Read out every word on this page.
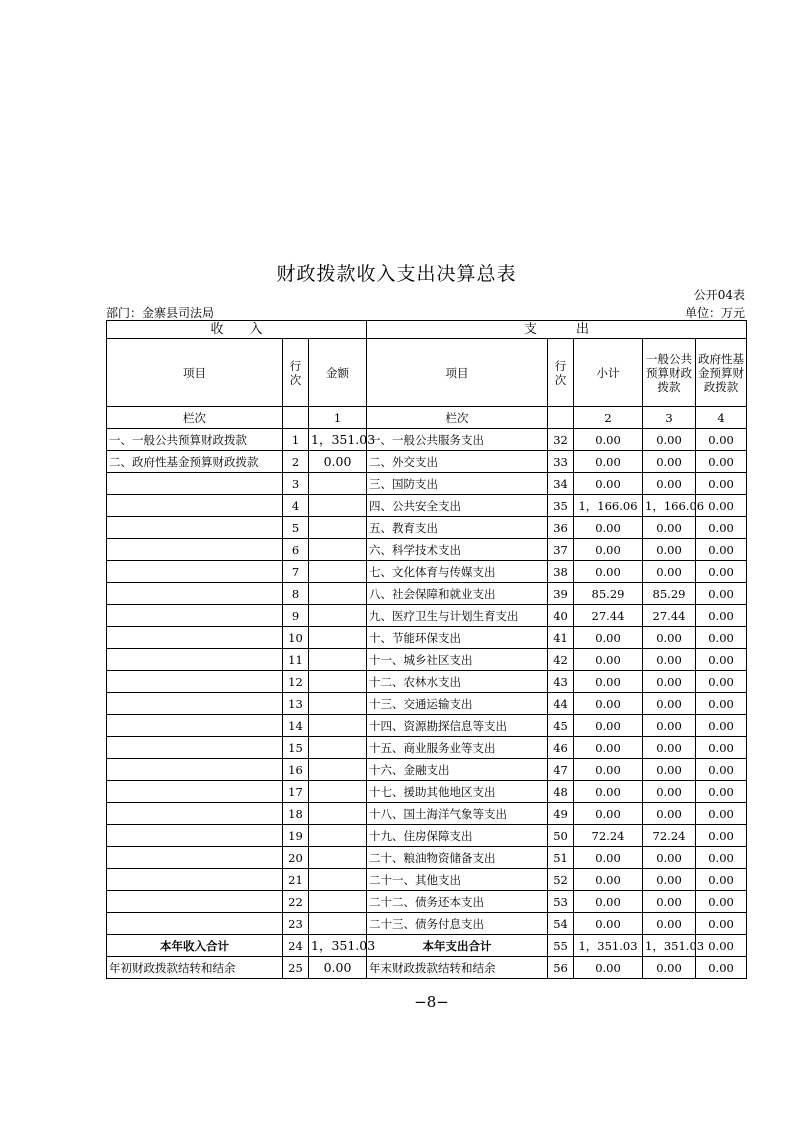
财政拨款收入支出决算总表
公开04表
部门：金寨县司法局	单位：万元
收　　入			支　　　出				
项目	行次	金额	项目	行次	小计	一般公共预算财政拨款	政府性基金预算财政拨款
栏次		1	栏次		2	3	4
一、一般公共预算财政拨款	1	1，351.03	一、一般公共服务支出	32	0.00	0.00	0.00
二、政府性基金预算财政拨款	2	0.00	二、外交支出	33	0.00	0.00	0.00
	3		三、国防支出	34	0.00	0.00	0.00
	4		四、公共安全支出	35	1，166.06	1，166.06	0.00
	5		五、教育支出	36	0.00	0.00	0.00
	6		六、科学技术支出	37	0.00	0.00	0.00
	7		七、文化体育与传媒支出	38	0.00	0.00	0.00
	8		八、社会保障和就业支出	39	85.29	85.29	0.00
	9		九、医疗卫生与计划生育支出	40	27.44	27.44	0.00
	10		十、节能环保支出	41	0.00	0.00	0.00
	11		十一、城乡社区支出	42	0.00	0.00	0.00
	12		十二、农林水支出	43	0.00	0.00	0.00
	13		十三、交通运输支出	44	0.00	0.00	0.00
	14		十四、资源勘探信息等支出	45	0.00	0.00	0.00
	15		十五、商业服务业等支出	46	0.00	0.00	0.00
	16		十六、金融支出	47	0.00	0.00	0.00
	17		十七、援助其他地区支出	48	0.00	0.00	0.00
	18		十八、国土海洋气象等支出	49	0.00	0.00	0.00
	19		十九、住房保障支出	50	72.24	72.24	0.00
	20		二十、粮油物资储备支出	51	0.00	0.00	0.00
	21		二十一、其他支出	52	0.00	0.00	0.00
	22		二十二、债务还本支出	53	0.00	0.00	0.00
	23		二十三、债务付息支出	54	0.00	0.00	0.00
本年收入合计	24	1，351.03	本年支出合计	55	1，351.03	1，351.03	0.00
年初财政拨款结转和结余	25	0.00	年末财政拨款结转和结余	56	0.00	0.00	0.00
−8−
